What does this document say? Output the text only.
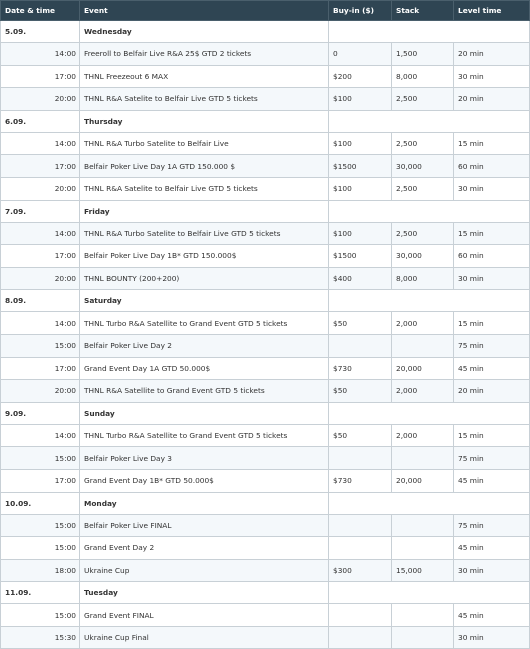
Date & time	Event	Buy-in ($)	Stack	Level time
5.09.	Wednesday			
14:00	Freeroll to Belfair Live R&A 25$ GTD 2 tickets	0	1,500	20 min
17:00	THNL Freezeout 6 MAX	$200	8,000	30 min
20:00	THNL R&A Satelite to Belfair Live GTD 5 tickets	$100	2,500	20 min
6.09.	Thursday			
14:00	THNL R&A Turbo Satelite to Belfair Live	$100	2,500	15 min
17:00	Belfair Poker Live Day 1A GTD 150.000 $	$1500	30,000	60 min
20:00	THNL R&A Satelite to Belfair Live GTD 5 tickets	$100	2,500	30 min
7.09.	Friday			
14:00	THNL R&A Turbo Satelite to Belfair Live GTD 5 tickets	$100	2,500	15 min
17:00	Belfair Poker Live Day 1B* GTD 150.000$	$1500	30,000	60 min
20:00	THNL BOUNTY (200+200)	$400	8,000	30 min
8.09.	Saturday			
14:00	THNL Turbo R&A Satellite to Grand Event GTD 5 tickets	$50	2,000	15 min
15:00	Belfair Poker Live Day 2			75 min
17:00	Grand Event Day 1A GTD 50.000$	$730	20,000	45 min
20:00	THNL R&A Satellite to Grand Event GTD 5 tickets	$50	2,000	20 min
9.09.	Sunday			
14:00	THNL Turbo R&A Satellite to Grand Event GTD 5 tickets	$50	2,000	15 min
15:00	Belfair Poker Live Day 3			75 min
17:00	Grand Event Day 1B* GTD 50.000$	$730	20,000	45 min
10.09.	Monday			
15:00	Belfair Poker Live FINAL			75 min
15:00	Grand Event Day 2			45 min
18:00	Ukraine Cup	$300	15,000	30 min
11.09.	Tuesday			
15:00	Grand Event FINAL			45 min
15:30	Ukraine Cup Final			30 min
